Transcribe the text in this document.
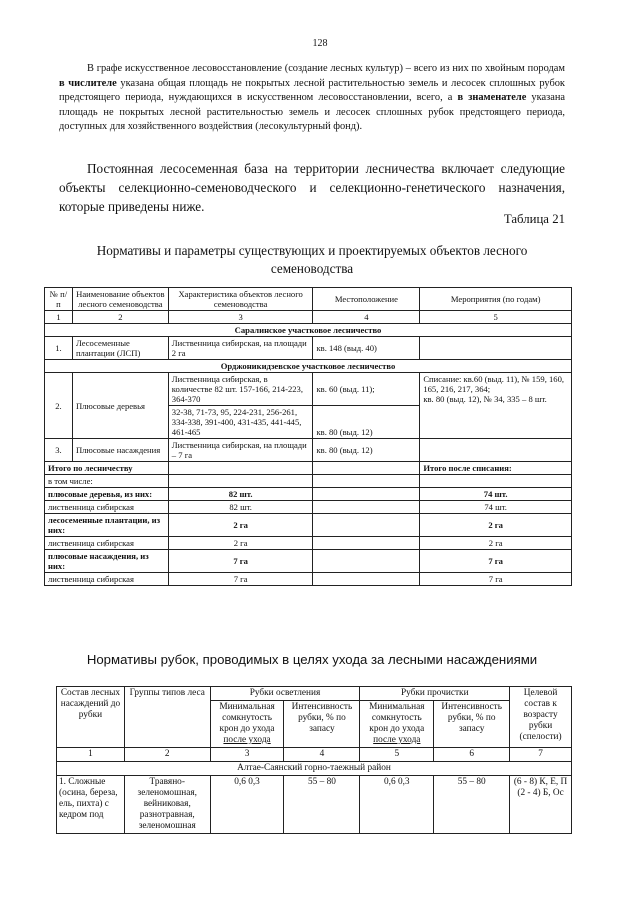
128

В графе искусственное лесовосстановление (создание лесных культур) – всего из них по хвойным породам в числителе указана общая площадь не покрытых лесной растительностью земель и лесосек сплошных рубок предстоящего периода, нуждающихся в искусственном лесовосстановлении, всего, а в знаменателе указана площадь не покрытых лесной растительностью земель и лесосек сплошных рубок предстоящего периода, доступных для хозяйственного воздействия (лесокультурный фонд).

Постоянная лесосеменная база на территории лесничества включает следующие объекты селекционно-семеноводческого и селекционно-генетического назначения, которые приведены ниже.

Таблица 21
Нормативы и параметры существующих и проектируемых объектов лесного семеноводства
№ п/п	Наименование объектов лесного семеноводства	Характеристика объектов лесного семеноводства	Местоположение	Мероприятия (по годам)
1	2	3	4	5
Саралинское участковое лесничество				
1.	Лесосеменные плантации (ЛСП)	Лиственница сибирская, на площади 2 га	кв. 148 (выд. 40)	
Орджоникидзевское участковое лесничество				
2.	Плюсовые деревья	Лиственница сибирская, в количестве 82 шт. 157-166, 214-223, 364-370	кв. 60 (выд. 11);	Списание: кв.60 (выд. 11), № 159, 160, 165, 216, 217, 364;
кв. 80 (выд. 12), № 34, 335 – 8 шт.
		32-38, 71-73, 95, 224-231, 256-261, 334-338, 391-400, 431-435, 441-445, 461-465	кв. 80 (выд. 12)	
3.	Плюсовые насаждения	Лиственница сибирская, на площади – 7 га	кв. 80 (выд. 12)	
Итого по лесничеству				Итого после списания:
в том числе:				
плюсовые деревья, из них:		82 шт.		74 шт.
лиственница сибирская		82 шт.		74 шт.
лесосеменные плантации, из них:		2 га		2 га
лиственница сибирская		2 га		2 га
плюсовые насаждения, из них:		7 га		7 га
лиственница сибирская		7 га		7 га
Нормативы рубок, проводимых в целях ухода за лесными насаждениями
Состав лесных насаждений до рубки	Группы типов леса	Рубки осветления		Рубки прочистки		Целевой состав к возрасту рубки (спелости)
		Минимальная сомкнутость крон до ухода
после ухода	Интенсивность рубки, % по запасу	Минимальная сомкнутость крон до ухода
после ухода	Интенсивность рубки, % по запасу	
1	2	3	4	5	6	7
Алтае-Саянский горно-таежный район						
1. Сложные (осина, береза, ель, пихта) с кедром под	Травяно-зеленомошная, вейниковая, разнотравная, зеленомошная	0,6 0,3	55 – 80	0,6 0,3	55 – 80	(6 - 8) К, Е, П (2 - 4) Б, Ос
